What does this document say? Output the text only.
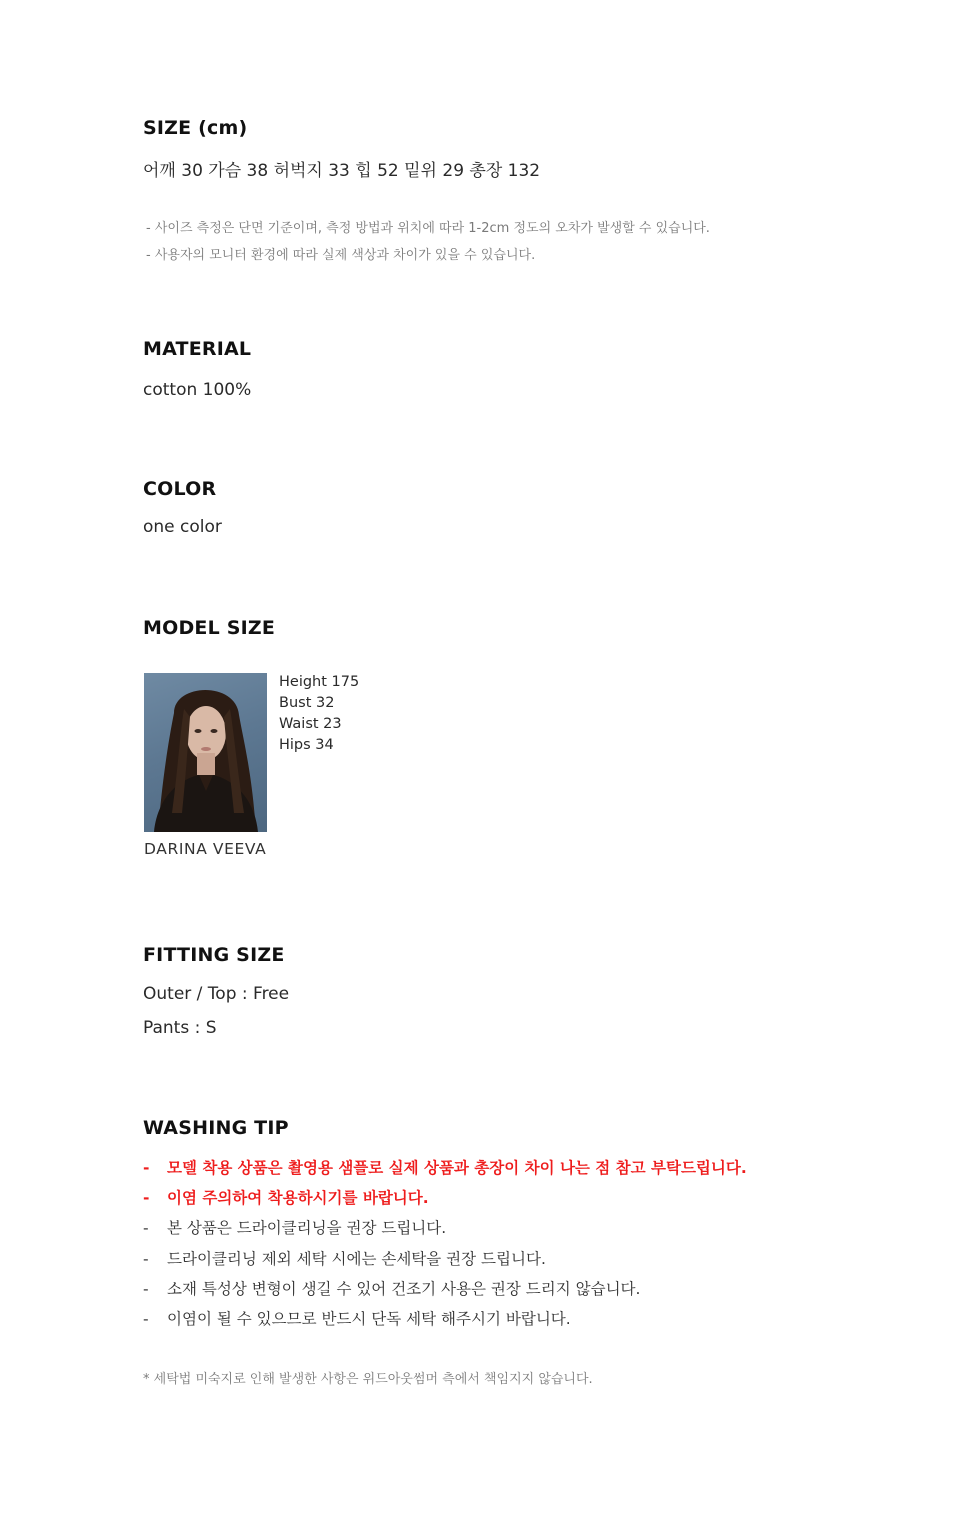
SIZE (cm)
어깨 30 가슴 38 허벅지 33 힙 52 밑위 29 총장 132
- 사이즈 측정은 단면 기준이며, 측정 방법과 위치에 따라 1-2cm 정도의 오차가 발생할 수 있습니다.
- 사용자의 모니터 환경에 따라 실제 색상과 차이가 있을 수 있습니다.
MATERIAL
cotton 100%
COLOR
one color
MODEL SIZE
Height 175
Bust 32
Waist 23
Hips 34
DARINA VEEVA
FITTING SIZE
Outer / Top : Free
Pants : S
WASHING TIP
- 모델 착용 상품은 촬영용 샘플로 실제 상품과 총장이 차이 나는 점 참고 부탁드립니다.
- 이염 주의하여 착용하시기를 바랍니다.
- 본 상품은 드라이클리닝을 권장 드립니다.
- 드라이클리닝 제외 세탁 시에는 손세탁을 권장 드립니다.
- 소재 특성상 변형이 생길 수 있어 건조기 사용은 권장 드리지 않습니다.
- 이염이 될 수 있으므로 반드시 단독 세탁 해주시기 바랍니다.
* 세탁법 미숙지로 인해 발생한 사항은 위드아웃썸머 측에서 책임지지 않습니다.
